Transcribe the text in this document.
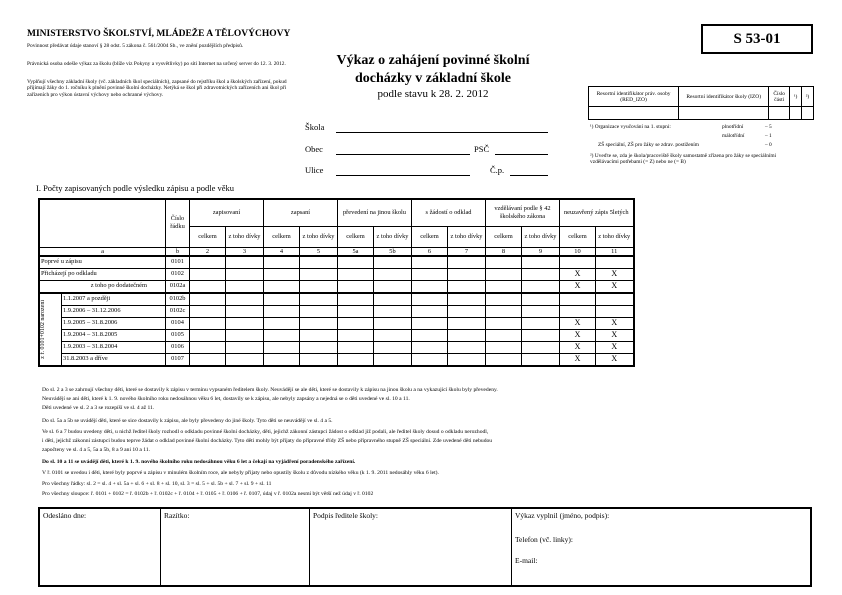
MINISTERSTVO ŠKOLSTVÍ, MLÁDEŽE A TĚLOVÝCHOVY
Povinnost předávat údaje stanoví § 28 odst. 5 zákona č. 561/2004 Sb., ve znění pozdějších předpisů.
Právnická osoba odešle výkaz za školu (blíže viz Pokyny a vysvětlivky) po síti Internet na určený server do 12. 3. 2012.
Vyplňují všechny základní školy (vč. základních škol speciálních), zapsané do rejstříku škol a školských zařízení, pokud přijímají žáky do 1. ročníku k plnění povinné školní docházky. Netýká se škol při zdravotnických zařízeních ani škol při zařízeních pro výkon ústavní výchovy nebo ochranné výchovy.
S 53-01
Výkaz o zahájení povinné školní
docházky v základní škole
podle stavu k 28. 2. 2012
Škola
Obec	PSČ
Ulice	Č.p.
Resortní identifikátor práv. osoby (RED_IZO)	Resortní identifikátor školy (IZO)	Číslo části	¹)	²)

¹) Organizace vyučování na 1. stupni:	plnotřídní	– 5
málotřídní	– 1
ZŠ speciální, ZŠ pro žáky se zdrav. postižením	– 0
²) Uveďte se, zda je škola/pracoviště školy samostatně zřízena pro žáky se speciálními vzdělávacími potřebami (= Z) nebo ne (= B)
I. Počty zapisovaných podle výsledku zápisu a podle věku
		Číslo řádku	zapisovaní		zapsaní		převedení na jinou školu		s žádostí o odklad		vzdělávaní podle § 42 školského zákona		neuzavřený zápis 5letých	
			celkem	z toho dívky	celkem	z toho dívky	celkem	z toho dívky	celkem	z toho dívky	celkem	z toho dívky	celkem	z toho dívky
a		b	2	3	4	5	5a	5b	6	7	8	9	10	11
Poprvé u zápisu		0101												
Přicházejí po odkladu		0102											X	X
z toho po dodatečném		0102a											X	X

z ř. 0101+0102 narození	1.1.2007 a později	0102b												
	1.9.2006 – 31.12.2006	0102c												
	1.9.2005 – 31.8.2006	0104											X	X
	1.9.2004 – 31.8.2005	0105											X	X
	1.9.2003 – 31.8.2004	0106											X	X
	31.8.2003 a dříve	0107											X	X
Do sl. 2 a 3 se zahrnují všechny děti, které se dostavily k zápisu v termínu vypsaném ředitelem školy. Neuvádějí se ale děti, které se dostavily k zápisu na jinou školu a na vykazující školu byly převedeny.
Neuvádějí se ani děti, které k 1. 9. nového školního roku nedosáhnou věku 6 let, dostavily se k zápisu, ale nebyly zapsány a nejedná se o děti uvedené ve sl. 10 a 11.
Děti uvedené ve sl. 2 a 3 se rozepíší ve sl. 4 až 11.
Do sl. 5a a 5b se uvádějí děti, které se sice dostavily k zápisu, ale byly převedeny do jiné školy. Tyto děti se neuvádějí ve sl. 4 a 5.
Ve sl. 6 a 7 budou uvedeny děti, u nichž ředitel školy rozhodl o odkladu povinné školní docházky, děti, jejichž zákonní zástupci žádost o odklad již podali, ale ředitel školy dosud o odkladu nerozhodl,
i děti, jejichž zákonní zástupci budou teprve žádat o odklad povinné školní docházky. Tyto děti mohly být přijaty do přípravné třídy ZŠ nebo přípravného stupně ZŠ speciální. Zde uvedené děti nebudou
započteny ve sl. 4 a 5, 5a a 5b, 8 a 9 ani 10 a 11.
Do sl. 10 a 11 se uvádějí děti, které k 1. 9. nového školního roku nedosáhnou věku 6 let a čekají na vyjádření poradenského zařízení.
V ř. 0101 se uvedou i děti, které byly poprvé u zápisu v minulém školním roce, ale nebyly přijaty nebo opustily školu z důvodu nízkého věku (k 1. 9. 2011 nedosáhly věku 6 let).
Pro všechny řádky: sl. 2 = sl. 4 + sl. 5a + sl. 6 + sl. 8 + sl. 10, sl. 3 = sl. 5 + sl. 5b + sl. 7 + sl. 9 + sl. 11
Pro všechny sloupce: ř. 0101 + 0102 = ř. 0102b + ř. 0102c + ř. 0104 + ř. 0105 + ř. 0106 + ř. 0107, údaj v ř. 0102a nesmí být větší než údaj v ř. 0102
Odesláno dne:	Razítko:	Podpis ředitele školy:	Výkaz vyplnil (jméno, podpis):
Telefon (vč. linky):
E-mail:
